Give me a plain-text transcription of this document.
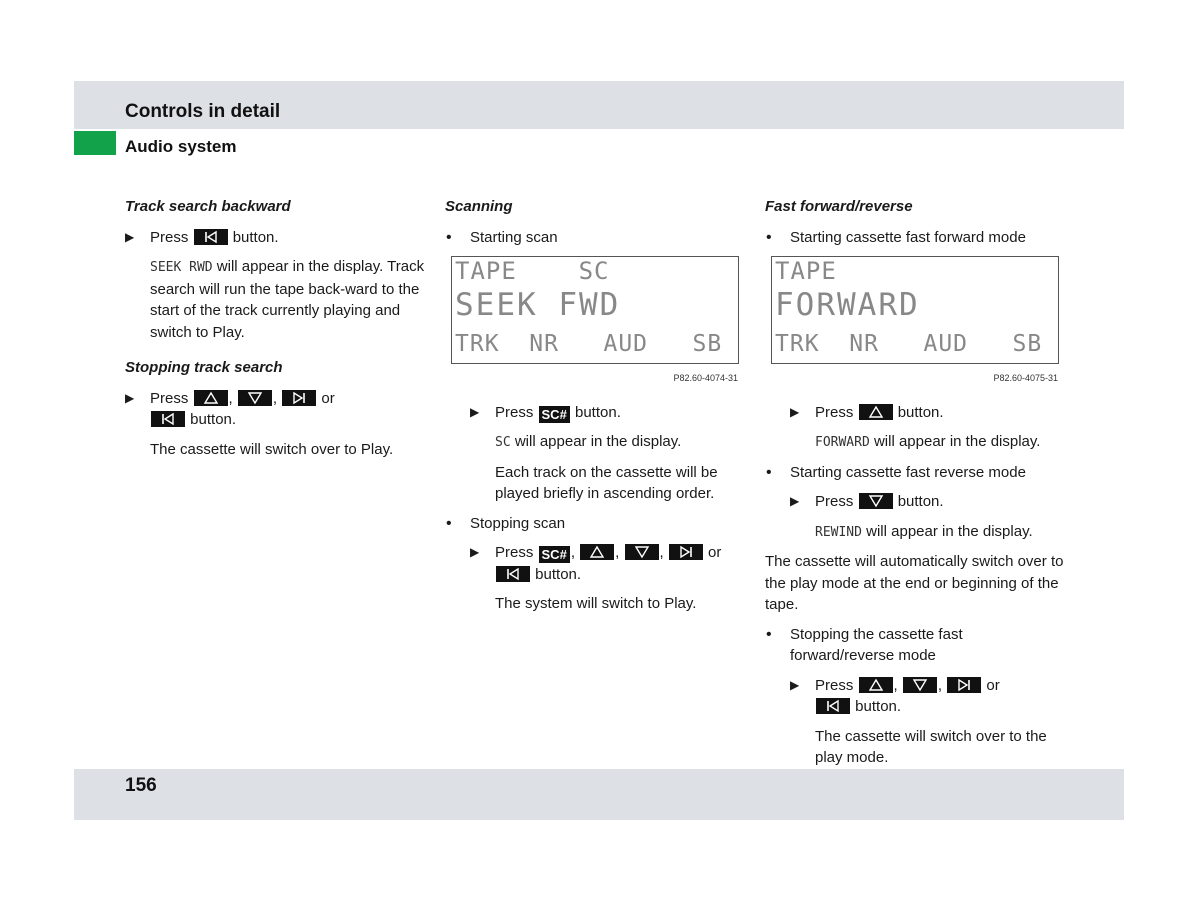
Controls in detail
Audio system
Track search backward
▶	Press	button.
SEEK RWD will appear in the display. Track search will run the tape back-ward to the start of the track currently playing and switch to Play.
Stopping track search
▶	Press	,	,	or

button.
The cassette will switch over to Play.
Scanning
•	Starting scan
TAPE    SC
SEEK FWD
TRK  NR   AUD   SB
P82.60-4074-31
▶	Press SC# button.
SC will appear in the display.
Each track on the cassette will be played briefly in ascending order.
•	Stopping scan
▶	Press SC# ,	,	,	or

button.
The system will switch to Play.
Fast forward/reverse
•	Starting cassette fast forward mode
TAPE
FORWARD
TRK  NR   AUD   SB
P82.60-4075-31
▶	Press	button.
FORWARD will appear in the display.
•	Starting cassette fast reverse mode
▶	Press	button.
REWIND will appear in the display.
The cassette will automatically switch over to the play mode at the end or beginning of the tape.
•	Stopping the cassette fast forward/reverse mode
▶	Press	,	,	or

button.
The cassette will switch over to the play mode.
156
